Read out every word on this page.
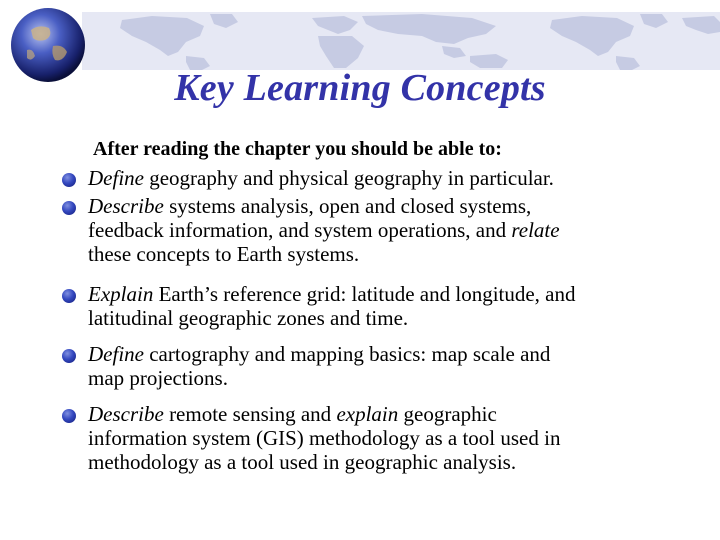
Key Learning Concepts
After reading the chapter you should be able to:
Define geography and physical geography in particular.
Describe systems analysis, open and closed systems,
feedback information, and system operations, and relate
these concepts to Earth systems.
Explain Earth’s reference grid: latitude and longitude, and
latitudinal geographic zones and time.
Define cartography and mapping basics: map scale and
map projections.
Describe remote sensing and explain geographic
information system (GIS) methodology as a tool used in
methodology as a tool used in geographic analysis.
